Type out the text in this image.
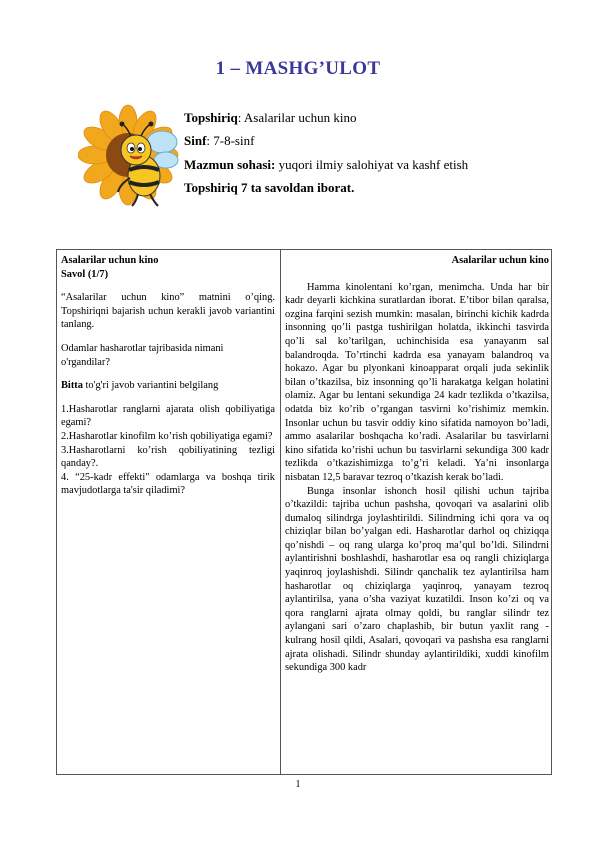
1 – MASHG’ULOT
Topshiriq: Asalarilar uchun kino
Sinf: 7-8-sinf
Mazmun sohasi: yuqori ilmiy salohiyat va kashf etish
Topshiriq 7 ta savoldan iborat.

Asalarilar uchun kino

Savol (1/7)

“Asalarilar uchun kino” matnini o’qing. Topshiriqni bajarish uchun kerakli javob variantini tanlang.

Odamlar hasharotlar tajribasida nimani o'rgandilar?

Bitta to'g'ri javob variantini belgilang

1.Hasharotlar ranglarni ajarata olish qobiliyatiga egami?

2.Hasharotlar kinofilm ko’rish qobiliyatiga egami?

3.Hasharotlarni ko’rish qobiliyatining tezligi qanday?.

4. “25-kadr effekti" odamlarga va boshqa tirik mavjudotlarga ta'sir qiladimi?

Asalarilar uchun kino

Hamma kinolentani ko’rgan, menimcha. Unda har bir kadr deyarli kichkina suratlardan iborat. E’tibor bilan qaralsa, ozgina farqini sezish mumkin: masalan, birinchi kichik kadrda insonning qo’li pastga tushirilgan holatda, ikkinchi tasvirda qo’li sal ko’tarilgan, uchinchisida esa yanayanm sal balandroqda. To’rtinchi kadrda esa yanayam balandroq va hokazo. Agar bu plyonkani kinoapparat orqali juda sekinlik bilan o’tkazilsa, biz insonning qo’li harakatga kelgan holatini olamiz. Agar bu lentani sekundiga 24 kadr tezlikda o’tkazilsa, odatda biz ko’rib o’rgangan tasvirni ko’rishimiz memkin. Insonlar uchun bu tasvir oddiy kino sifatida namoyon bo’ladi, ammo asalarilar boshqacha ko’radi. Asalarilar bu tasvirlarni kino sifatida ko’rishi uchun bu tasvirlarni sekundiga 300 kadr tezlikda o’tkazishimizga to’g’ri keladi. Ya’ni insonlarga nisbatan 12,5 baravar tezroq o’tkazish kerak bo’ladi.

Bunga insonlar ishonch hosil qilishi uchun tajriba o’tkazildi: tajriba uchun pashsha, qovoqari va asalarini olib dumaloq silindrga joylashtirildi. Silindrning ichi qora va oq chiziqlar bilan bo’yalgan edi. Hasharotlar darhol oq chiziqqa qo’nishdi – oq rang ularga ko’proq ma’qul bo’ldi. Silindrni aylantirishni boshlashdi, hasharotlar esa oq rangli chiziqlarga yaqinroq joylashishdi. Silindr qanchalik tez aylantirilsa ham hasharotlar oq chiziqlarga yaqinroq, yanayam tezroq aylantirilsa, yana o’sha vaziyat kuzatildi. Inson ko’zi oq va qora ranglarni ajrata olmay qoldi, bu ranglar silindr tez aylangani sari o’zaro chaplashib, bir butun yaxlit rang - kulrang hosil qildi, Asalari, qovoqari va pashsha esa ranglarni ajrata olishadi. Silindr shunday aylantirildiki, xuddi kinofilm sekundiga 300 kadr

1
